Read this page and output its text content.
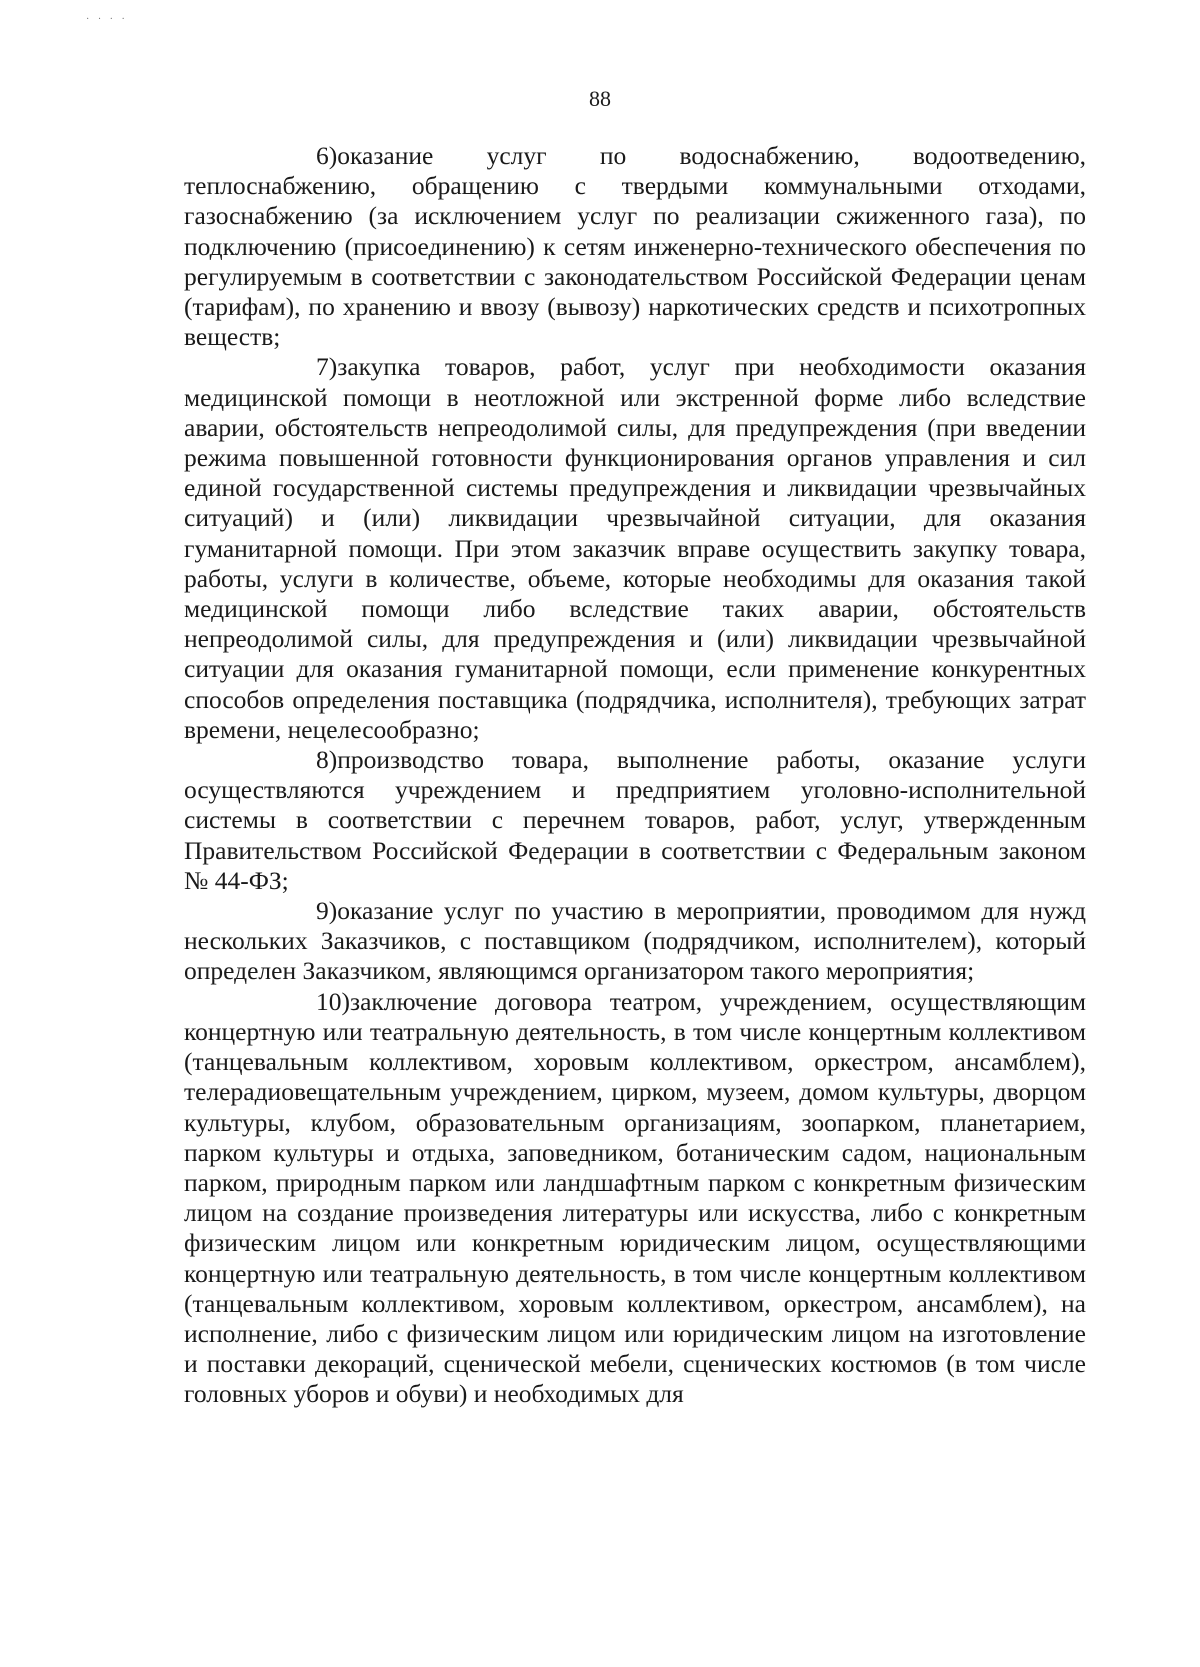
· · · ·
88

6)оказание услуг по водоснабжению, водоотведению, теплоснабжению, обращению с твердыми коммунальными отходами, газоснабжению (за исключением услуг по реализации сжиженного газа), по подключению (присоединению) к сетям инженерно-технического обеспечения по регулируемым в соответствии с законодательством Российской Федерации ценам (тарифам), по хранению и ввозу (вывозу) наркотических средств и психотропных веществ;

7)закупка товаров, работ, услуг при необходимости оказания медицинской помощи в неотложной или экстренной форме либо вследствие аварии, обстоятельств непреодолимой силы, для предупреждения (при введении режима повышенной готовности функционирования органов управления и сил единой государственной системы предупреждения и ликвидации чрезвычайных ситуаций) и (или) ликвидации чрезвычайной ситуации, для оказания гуманитарной помощи. При этом заказчик вправе осуществить закупку товара, работы, услуги в количестве, объеме, которые необходимы для оказания такой медицинской помощи либо вследствие таких аварии, обстоятельств непреодолимой силы, для предупреждения и (или) ликвидации чрезвычайной ситуации для оказания гуманитарной помощи, если применение конкурентных способов определения поставщика (подрядчика, исполнителя), требующих затрат времени, нецелесообразно;

8)производство товара, выполнение работы, оказание услуги осуществляются учреждением и предприятием уголовно-исполнительной системы в соответствии с перечнем товаров, работ, услуг, утвержденным Правительством Российской Федерации в соответствии с Федеральным законом № 44-ФЗ;

9)оказание услуг по участию в мероприятии, проводимом для нужд нескольких Заказчиков, с поставщиком (подрядчиком, исполнителем), который определен Заказчиком, являющимся организатором такого мероприятия;

10)заключение договора театром, учреждением, осуществляющим концертную или театральную деятельность, в том числе концертным коллективом (танцевальным коллективом, хоровым коллективом, оркестром, ансамблем), телерадиовещательным учреждением, цирком, музеем, домом культуры, дворцом культуры, клубом, образовательным организациям, зоопарком, планетарием, парком культуры и отдыха, заповедником, ботаническим садом, национальным парком, природным парком или ландшафтным парком с конкретным физическим лицом на создание произведения литературы или искусства, либо с конкретным физическим лицом или конкретным юридическим лицом, осуществляющими концертную или театральную деятельность, в том числе концертным коллективом (танцевальным коллективом, хоровым коллективом, оркестром, ансамблем), на исполнение, либо с физическим лицом или юридическим лицом на изготовление и поставки декораций, сценической мебели, сценических костюмов (в том числе головных уборов и обуви) и необходимых для
